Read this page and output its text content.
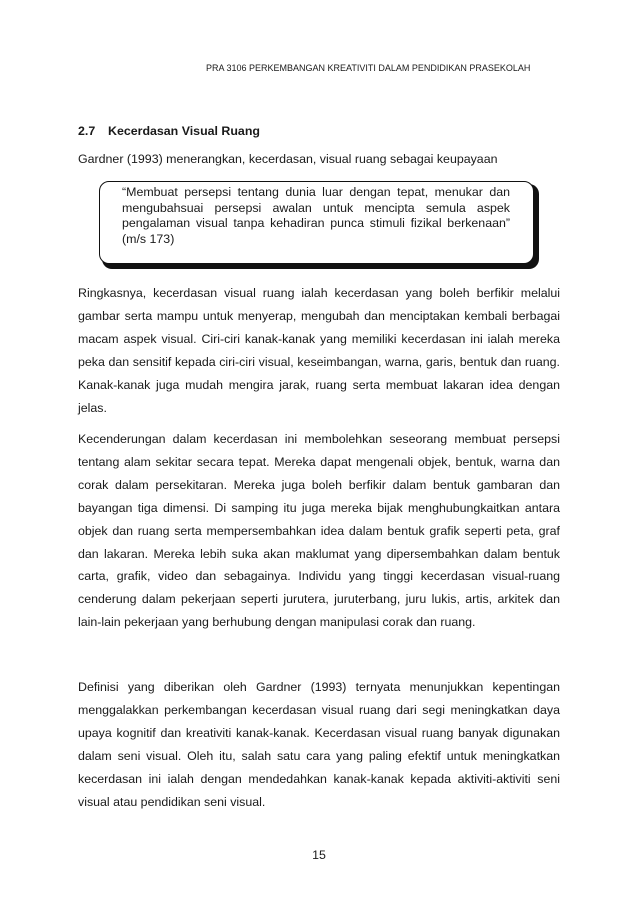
PRA 3106 PERKEMBANGAN KREATIVITI DALAM PENDIDIKAN PRASEKOLAH
2.7 Kecerdasan Visual Ruang
Gardner (1993) menerangkan, kecerdasan, visual ruang sebagai keupayaan
“Membuat persepsi tentang dunia luar dengan tepat, menukar dan mengubahsuai persepsi awalan untuk mencipta semula aspek pengalaman visual tanpa kehadiran punca stimuli fizikal berkenaan” (m/s 173)
Ringkasnya, kecerdasan visual ruang ialah kecerdasan yang boleh berfikir melalui gambar serta mampu untuk menyerap, mengubah dan menciptakan kembali berbagai macam aspek visual. Ciri-ciri kanak-kanak yang memiliki kecerdasan ini ialah mereka peka dan sensitif kepada ciri-ciri visual, keseimbangan, warna, garis, bentuk dan ruang. Kanak-kanak juga mudah mengira jarak, ruang serta membuat lakaran idea dengan jelas.
Kecenderungan dalam kecerdasan ini membolehkan seseorang membuat persepsi tentang alam sekitar secara tepat. Mereka dapat mengenali objek, bentuk, warna dan corak dalam persekitaran. Mereka juga boleh berfikir dalam bentuk gambaran dan bayangan tiga dimensi. Di samping itu juga mereka bijak menghubungkaitkan antara objek dan ruang serta mempersembahkan idea dalam bentuk grafik seperti peta, graf dan lakaran. Mereka lebih suka akan maklumat yang dipersembahkan dalam bentuk carta, grafik, video dan sebagainya. Individu yang tinggi kecerdasan visual-ruang cenderung dalam pekerjaan seperti jurutera, juruterbang, juru lukis, artis, arkitek dan lain-lain pekerjaan yang berhubung dengan manipulasi corak dan ruang.
Definisi yang diberikan oleh Gardner (1993) ternyata menunjukkan kepentingan menggalakkan perkembangan kecerdasan visual ruang dari segi meningkatkan daya upaya kognitif dan kreativiti kanak-kanak. Kecerdasan visual ruang banyak digunakan dalam seni visual. Oleh itu, salah satu cara yang paling efektif untuk meningkatkan kecerdasan ini ialah dengan mendedahkan kanak-kanak kepada aktiviti-aktiviti seni visual atau pendidikan seni visual.
15
